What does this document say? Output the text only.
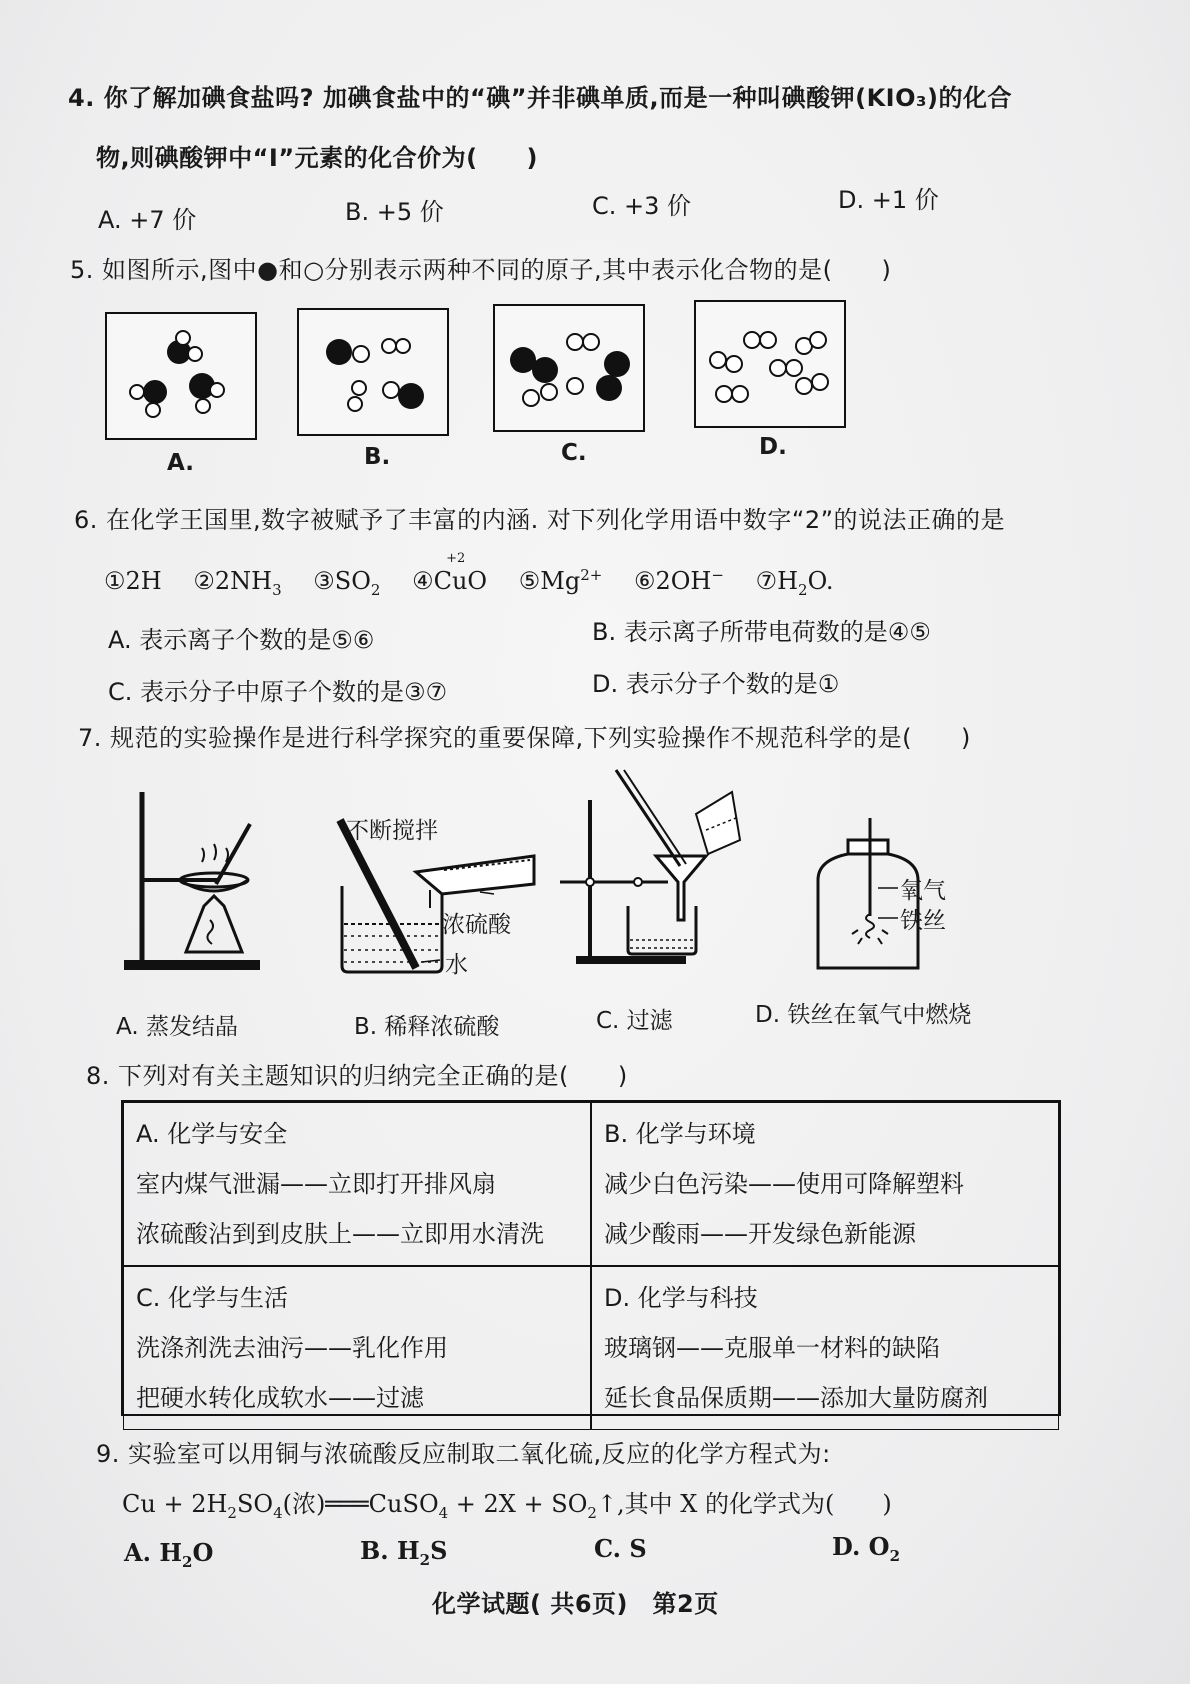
4. 你了解加碘食盐吗? 加碘食盐中的“碘”并非碘单质,而是一种叫碘酸钾(KIO₃)的化合
物,则碘酸钾中“I”元素的化合价为(　　)
A. +7 价	B. +5 价	C. +3 价	D. +1 价
5. 如图所示,图中●和○分别表示两种不同的原子,其中表示化合物的是(　　)
A.	B.	C.	D.
6. 在化学王国里,数字被赋予了丰富的内涵. 对下列化学用语中数字“2”的说法正确的是
①2H  $②2NH_3$  $③SO_2$  ④CuO
+2
  $⑤Mg^{2+}$  ⑥2OH−  $⑦H_2O$.
A. 表示离子个数的是⑤⑥	B. 表示离子所带电荷数的是④⑤
C. 表示分子中原子个数的是③⑦	D. 表示分子个数的是①
7. 规范的实验操作是进行科学探究的重要保障,下列实验操作不规范科学的是(　　)
A. 蒸发结晶
不断搅拌
浓硫酸
水
B. 稀释浓硫酸	C. 过滤
氧气
铁丝
D. 铁丝在氧气中燃烧
8. 下列对有关主题知识的归纳完全正确的是(　　)
A. 化学与安全
室内煤气泄漏——立即打开排风扇
浓硫酸沾到到皮肤上——立即用水清洗
B. 化学与环境
减少白色污染——使用可降解塑料
减少酸雨——开发绿色新能源
C. 化学与生活
洗涤剂洗去油污——乳化作用
把硬水转化成软水——过滤
D. 化学与科技
玻璃钢——克服单一材料的缺陷
延长食品保质期——添加大量防腐剂
9. 实验室可以用铜与浓硫酸反应制取二氧化硫,反应的化学方程式为:
$Cu + 2H_2SO_4$(浓)═══CuSO$_4$ + $2X + SO_2↑$,其中 X 的化学式为(　　)
A. $H_2O$	B. $H_2S$	C. S	D. $O_2$
化学试题( 共6页)　第2页
